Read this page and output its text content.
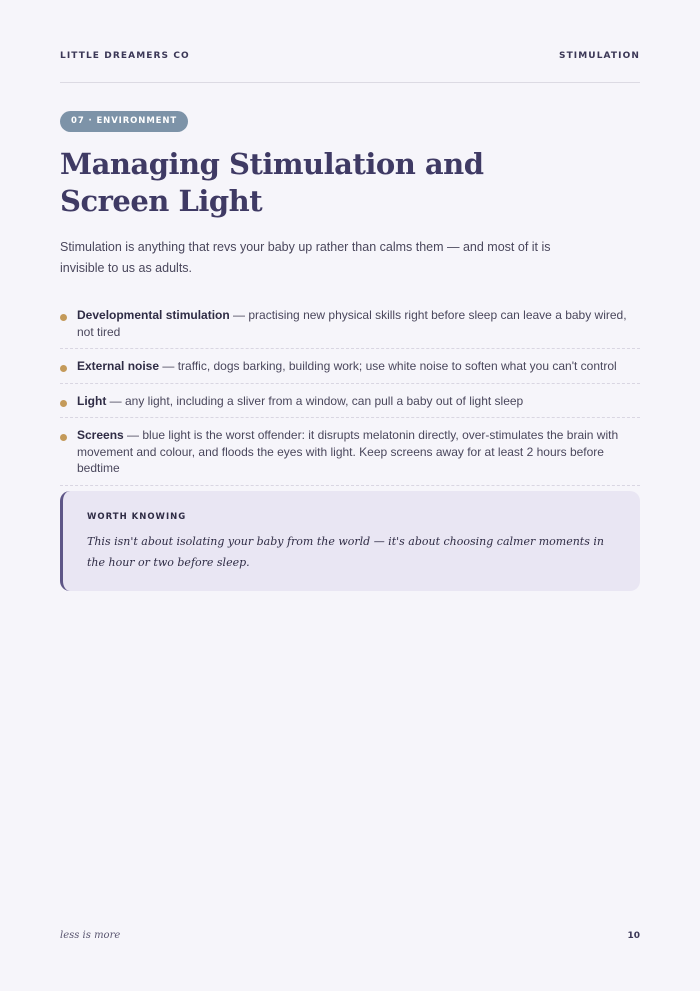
LITTLE DREAMERS CO	STIMULATION
07 · ENVIRONMENT
Managing Stimulation and Screen Light

Stimulation is anything that revs your baby up rather than calms them — and most of it is invisible to us as adults.

Developmental stimulation — practising new physical skills right before sleep can leave a baby wired, not tired
External noise — traffic, dogs barking, building work; use white noise to soften what you can't control
Light — any light, including a sliver from a window, can pull a baby out of light sleep
Screens — blue light is the worst offender: it disrupts melatonin directly, over-stimulates the brain with movement and colour, and floods the eyes with light. Keep screens away for at least 2 hours before bedtime
WORTH KNOWING
This isn't about isolating your baby from the world — it's about choosing calmer moments in the hour or two before sleep.
less is more	10
